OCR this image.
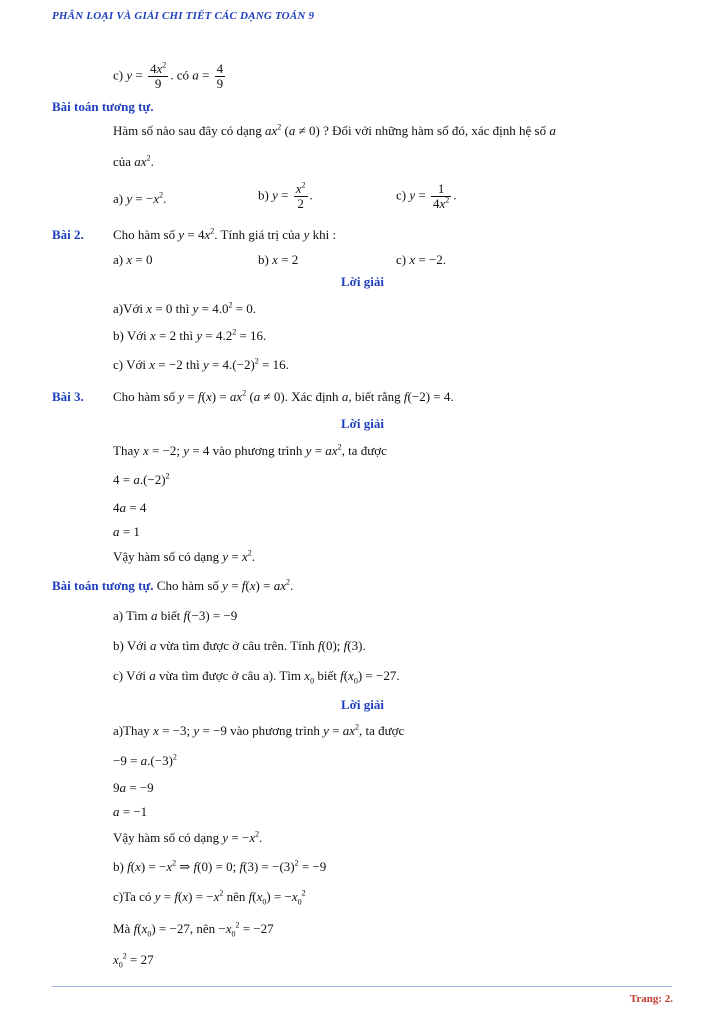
PHÂN LOẠI VÀ GIẢI CHI TIẾT CÁC DẠNG TOÁN 9
c) $y = \frac{4x^2}{9}$ . có $a = \frac{4}{9}$
Bài toán tương tự.
Hàm số nào sau đây có dạng $ax^2$ (a ≠ 0) ? Đối với những hàm số đó, xác định hệ số a
của $ax^2$.
a) $y = -x^2$.	b) $y = \frac{x^2}{2}$ .	c) $y = \frac{1}{4x^2}$ .
Bài 2. Cho hàm số $y = 4x^2$. Tính giá trị của y khi :
a) x = 0	b) x = 2	c) x = −2.
Lời giải
a)Với x = 0 thì $y = 4.0^2 = 0$.
b) Với x = 2 thì $y = 4.2^2 = 16$.
c) Với x = −2 thì $y = 4.(-2)^2 = 16$.
Bài 3. Cho hàm số $y = f(x) = ax^2$ (a ≠ 0). Xác định a, biết rằng f(−2) = 4.
Lời giải
Thay x = −2; y = 4 vào phương trình $y = ax^2$, ta được
$4 = a.(-2)^2$
4a = 4
a = 1
Vậy hàm số có dạng $y = x^2$.
Bài toán tương tự. Cho hàm số $y = f(x) = ax^2$.
a) Tìm a biết f(−3) = −9
b) Với a vừa tìm được ở câu trên. Tính f(0); f(3).
c) Với a vừa tìm được ở câu a). Tìm $x_0$ biết $f(x_0) = -27$.
Lời giải
a)Thay x = −3; y = −9 vào phương trình $y = ax^2$, ta được
$-9 = a.(-3)^2$
9a = −9
a = −1
Vậy hàm số có dạng $y = -x^2$.
b) $f(x) = -x^2$ ⇒ f(0) = 0; $f(3) = -(3)^2 = -9$
c)Ta có $y = f(x) = -x^2$ nên $f(x_0) = -x_0^2$
Mà $f(x_0) = -27$, nên $-x_0^2 = -27$
$x_0^2 = 27$
Trang: 2.
